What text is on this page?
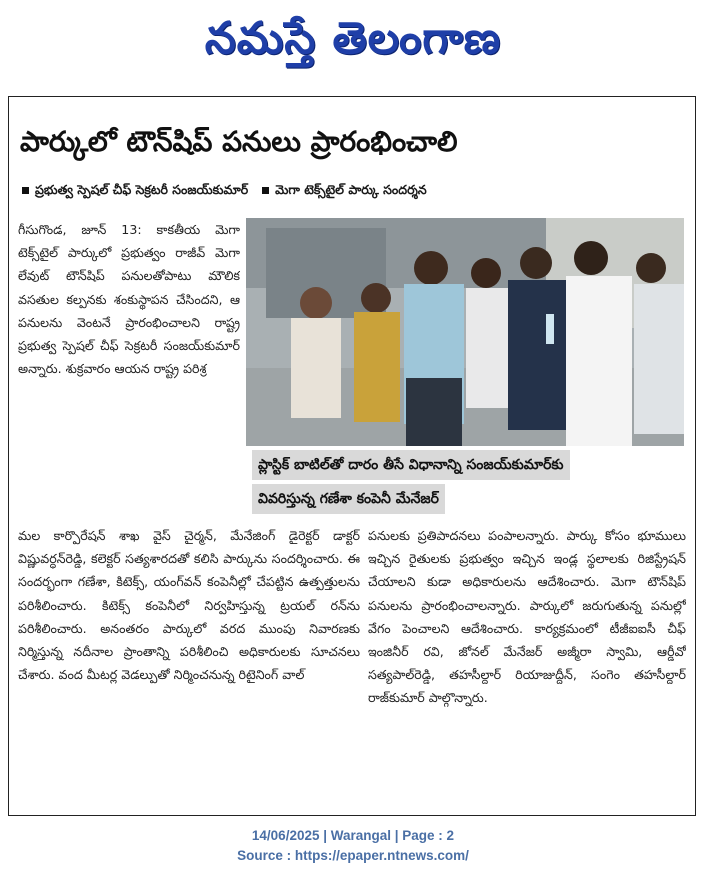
నమస్తే తెలంగాణ
పార్కులో టౌన్‌షిప్ పనులు ప్రారంభించాలి
ప్రభుత్వ స్పెషల్ చీఫ్ సెక్రటరీ సంజయ్‌కుమార్	మెగా టెక్స్‌టైల్ పార్కు సందర్శన
గీసుగొండ, జూన్ 13: కాకతీయ మెగా టెక్స్‌టైల్ పార్కులో ప్రభుత్వం రాజీవ్ మెగా లేవుట్ టౌన్‌షిప్ పనులతోపాటు మౌలిక వసతుల కల్పనకు శంకుస్థాపన చేసిందని, ఆ పనులను వెంటనే ప్రారంభించాలని రాష్ట్ర ప్రభుత్వ స్పెషల్ చీఫ్ సెక్రటరీ సంజయ్‌కుమార్ అన్నారు. శుక్రవారం ఆయన రాష్ట్ర పరిశ్ర
ప్లాస్టిక్ బాటిల్‌తో దారం తీసే విధానాన్ని సంజయ్‌కుమార్‌కు
వివరిస్తున్న గణేశా కంపెనీ మేనేజర్
మల కార్పొరేషన్ శాఖ వైస్ చైర్మన్, మేనేజింగ్ డైరెక్టర్ డాక్టర్ విష్ణువర్ధన్‌రెడ్డి, కలెక్టర్ సత్యశారదతో కలిసి పార్కును సందర్శించారు. ఈ సందర్భంగా గణేశా, కిటెక్స్, యంగ్‌వన్ కంపెనీల్లో చేపట్టిన ఉత్పత్తులను పరిశీలించారు. కిటెక్స్ కంపెనీలో నిర్వహిస్తున్న ట్రయల్ రన్‌ను పరిశీలించారు. అనంతరం పార్కులో వరద ముంపు నివారణకు నిర్మిస్తున్న నదీనాల ప్రాంతాన్ని పరిశీలించి అధికారులకు సూచనలు చేశారు. వంద మీటర్ల వెడల్పుతో నిర్మించనున్న రిటైనింగ్ వాల్
పనులకు ప్రతిపాదనలు పంపాలన్నారు. పార్కు కోసం భూములు ఇచ్చిన రైతులకు ప్రభుత్వం ఇచ్చిన ఇండ్ల స్థలాలకు రిజిస్ట్రేషన్ చేయాలని కుడా అధికారులను ఆదేశించారు. మెగా టౌన్‌షిప్ పనులను ప్రారంభించాలన్నారు. పార్కులో జరుగుతున్న పనుల్లో వేగం పెంచాలని ఆదేశించారు. కార్యక్రమంలో టీజీఐఐసీ చీఫ్ ఇంజినీర్ రవి, జోనల్ మేనేజర్ అజ్మీరా స్వామి, ఆర్డీవో సత్యపాల్‌రెడ్డి, తహసీల్దార్ రియాజుద్దీన్, సంగెం తహసీల్దార్ రాజ్‌కుమార్ పాల్గొన్నారు.
14/06/2025 | Warangal | Page : 2
Source : https://epaper.ntnews.com/
